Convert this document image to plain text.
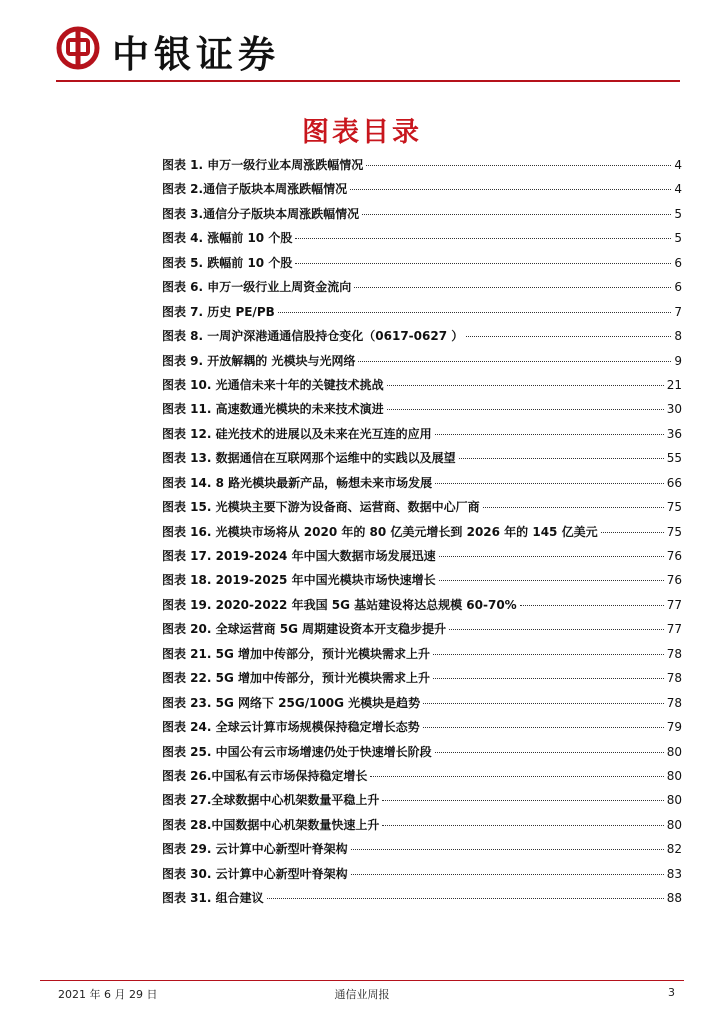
中银证券
图表目录
图表 1. 申万一级行业本周涨跌幅情况	4
图表 2.通信子版块本周涨跌幅情况	4
图表 3.通信分子版块本周涨跌幅情况	5
图表 4. 涨幅前 10 个股	5
图表 5. 跌幅前 10 个股	6
图表 6. 申万一级行业上周资金流向	6
图表 7. 历史 PE/PB	7
图表 8. 一周沪深港通通信股持仓变化（0617-0627 ）	8
图表 9. 开放解耦的 光模块与光网络	9
图表 10. 光通信未来十年的关键技术挑战	21
图表 11. 高速数通光模块的未来技术演进	30
图表 12. 硅光技术的进展以及未来在光互连的应用	36
图表 13. 数据通信在互联网那个运维中的实践以及展望	55
图表 14. 8 路光模块最新产品，畅想未来市场发展	66
图表 15. 光模块主要下游为设备商、运营商、数据中心厂商	75
图表 16. 光模块市场将从 2020 年的 80 亿美元增长到 2026 年的 145 亿美元	75
图表 17. 2019-2024 年中国大数据市场发展迅速	76
图表 18. 2019-2025 年中国光模块市场快速增长	76
图表 19. 2020-2022 年我国 5G 基站建设将达总规模 60-70%	77
图表 20. 全球运营商 5G 周期建设资本开支稳步提升	77
图表 21. 5G 增加中传部分，预计光模块需求上升	78
图表 22. 5G 增加中传部分，预计光模块需求上升	78
图表 23. 5G 网络下 25G/100G 光模块是趋势	78
图表 24. 全球云计算市场规模保持稳定增长态势	79
图表 25. 中国公有云市场增速仍处于快速增长阶段	80
图表 26.中国私有云市场保持稳定增长	80
图表 27.全球数据中心机架数量平稳上升	80
图表 28.中国数据中心机架数量快速上升	80
图表 29. 云计算中心新型叶脊架构	82
图表 30. 云计算中心新型叶脊架构	83
图表 31. 组合建议	88
2021 年 6 月 29 日	通信业周报	3
